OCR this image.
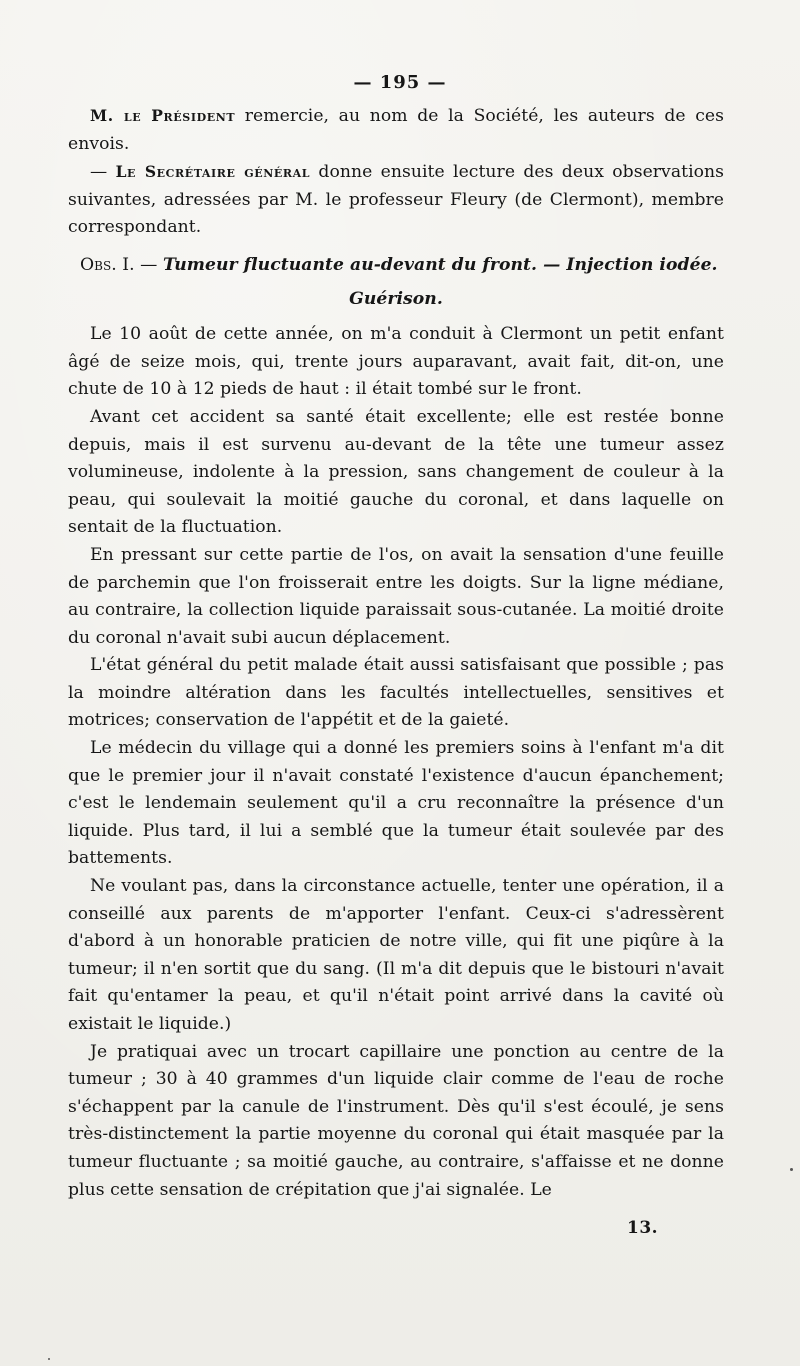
— 195 —

M. le Président remercie, au nom de la Société, les auteurs de ces envois.

— Le Secrétaire général donne ensuite lecture des deux observations suivantes, adressées par M. le professeur Fleury (de Clermont), membre correspondant.

Obs. I. — Tumeur fluctuante au-devant du front. — Injection iodée.

Guérison.

Le 10 août de cette année, on m'a conduit à Clermont un petit enfant âgé de seize mois, qui, trente jours auparavant, avait fait, dit-on, une chute de 10 à 12 pieds de haut : il était tombé sur le front.

Avant cet accident sa santé était excellente; elle est restée bonne depuis, mais il est survenu au-devant de la tête une tumeur assez volumineuse, indolente à la pression, sans changement de couleur à la peau, qui soulevait la moitié gauche du coronal, et dans laquelle on sentait de la fluctuation.

En pressant sur cette partie de l'os, on avait la sensation d'une feuille de parchemin que l'on froisserait entre les doigts. Sur la ligne médiane, au contraire, la collection liquide paraissait sous-cutanée. La moitié droite du coronal n'avait subi aucun déplacement.

L'état général du petit malade était aussi satisfaisant que possible ; pas la moindre altération dans les facultés intellectuelles, sensitives et motrices; conservation de l'appétit et de la gaieté.

Le médecin du village qui a donné les premiers soins à l'enfant m'a dit que le premier jour il n'avait constaté l'existence d'aucun épanchement; c'est le lendemain seulement qu'il a cru reconnaître la présence d'un liquide. Plus tard, il lui a semblé que la tumeur était soulevée par des battements.

Ne voulant pas, dans la circonstance actuelle, tenter une opération, il a conseillé aux parents de m'apporter l'enfant. Ceux-ci s'adressèrent d'abord à un honorable praticien de notre ville, qui fit une piqûre à la tumeur; il n'en sortit que du sang. (Il m'a dit depuis que le bistouri n'avait fait qu'entamer la peau, et qu'il n'était point arrivé dans la cavité où existait le liquide.)

Je pratiquai avec un trocart capillaire une ponction au centre de la tumeur ; 30 à 40 grammes d'un liquide clair comme de l'eau de roche s'échappent par la canule de l'instrument. Dès qu'il s'est écoulé, je sens très-distinctement la partie moyenne du coronal qui était masquée par la tumeur fluctuante ; sa moitié gauche, au contraire, s'affaisse et ne donne plus cette sensation de crépitation que j'ai signalée. Le

13.
